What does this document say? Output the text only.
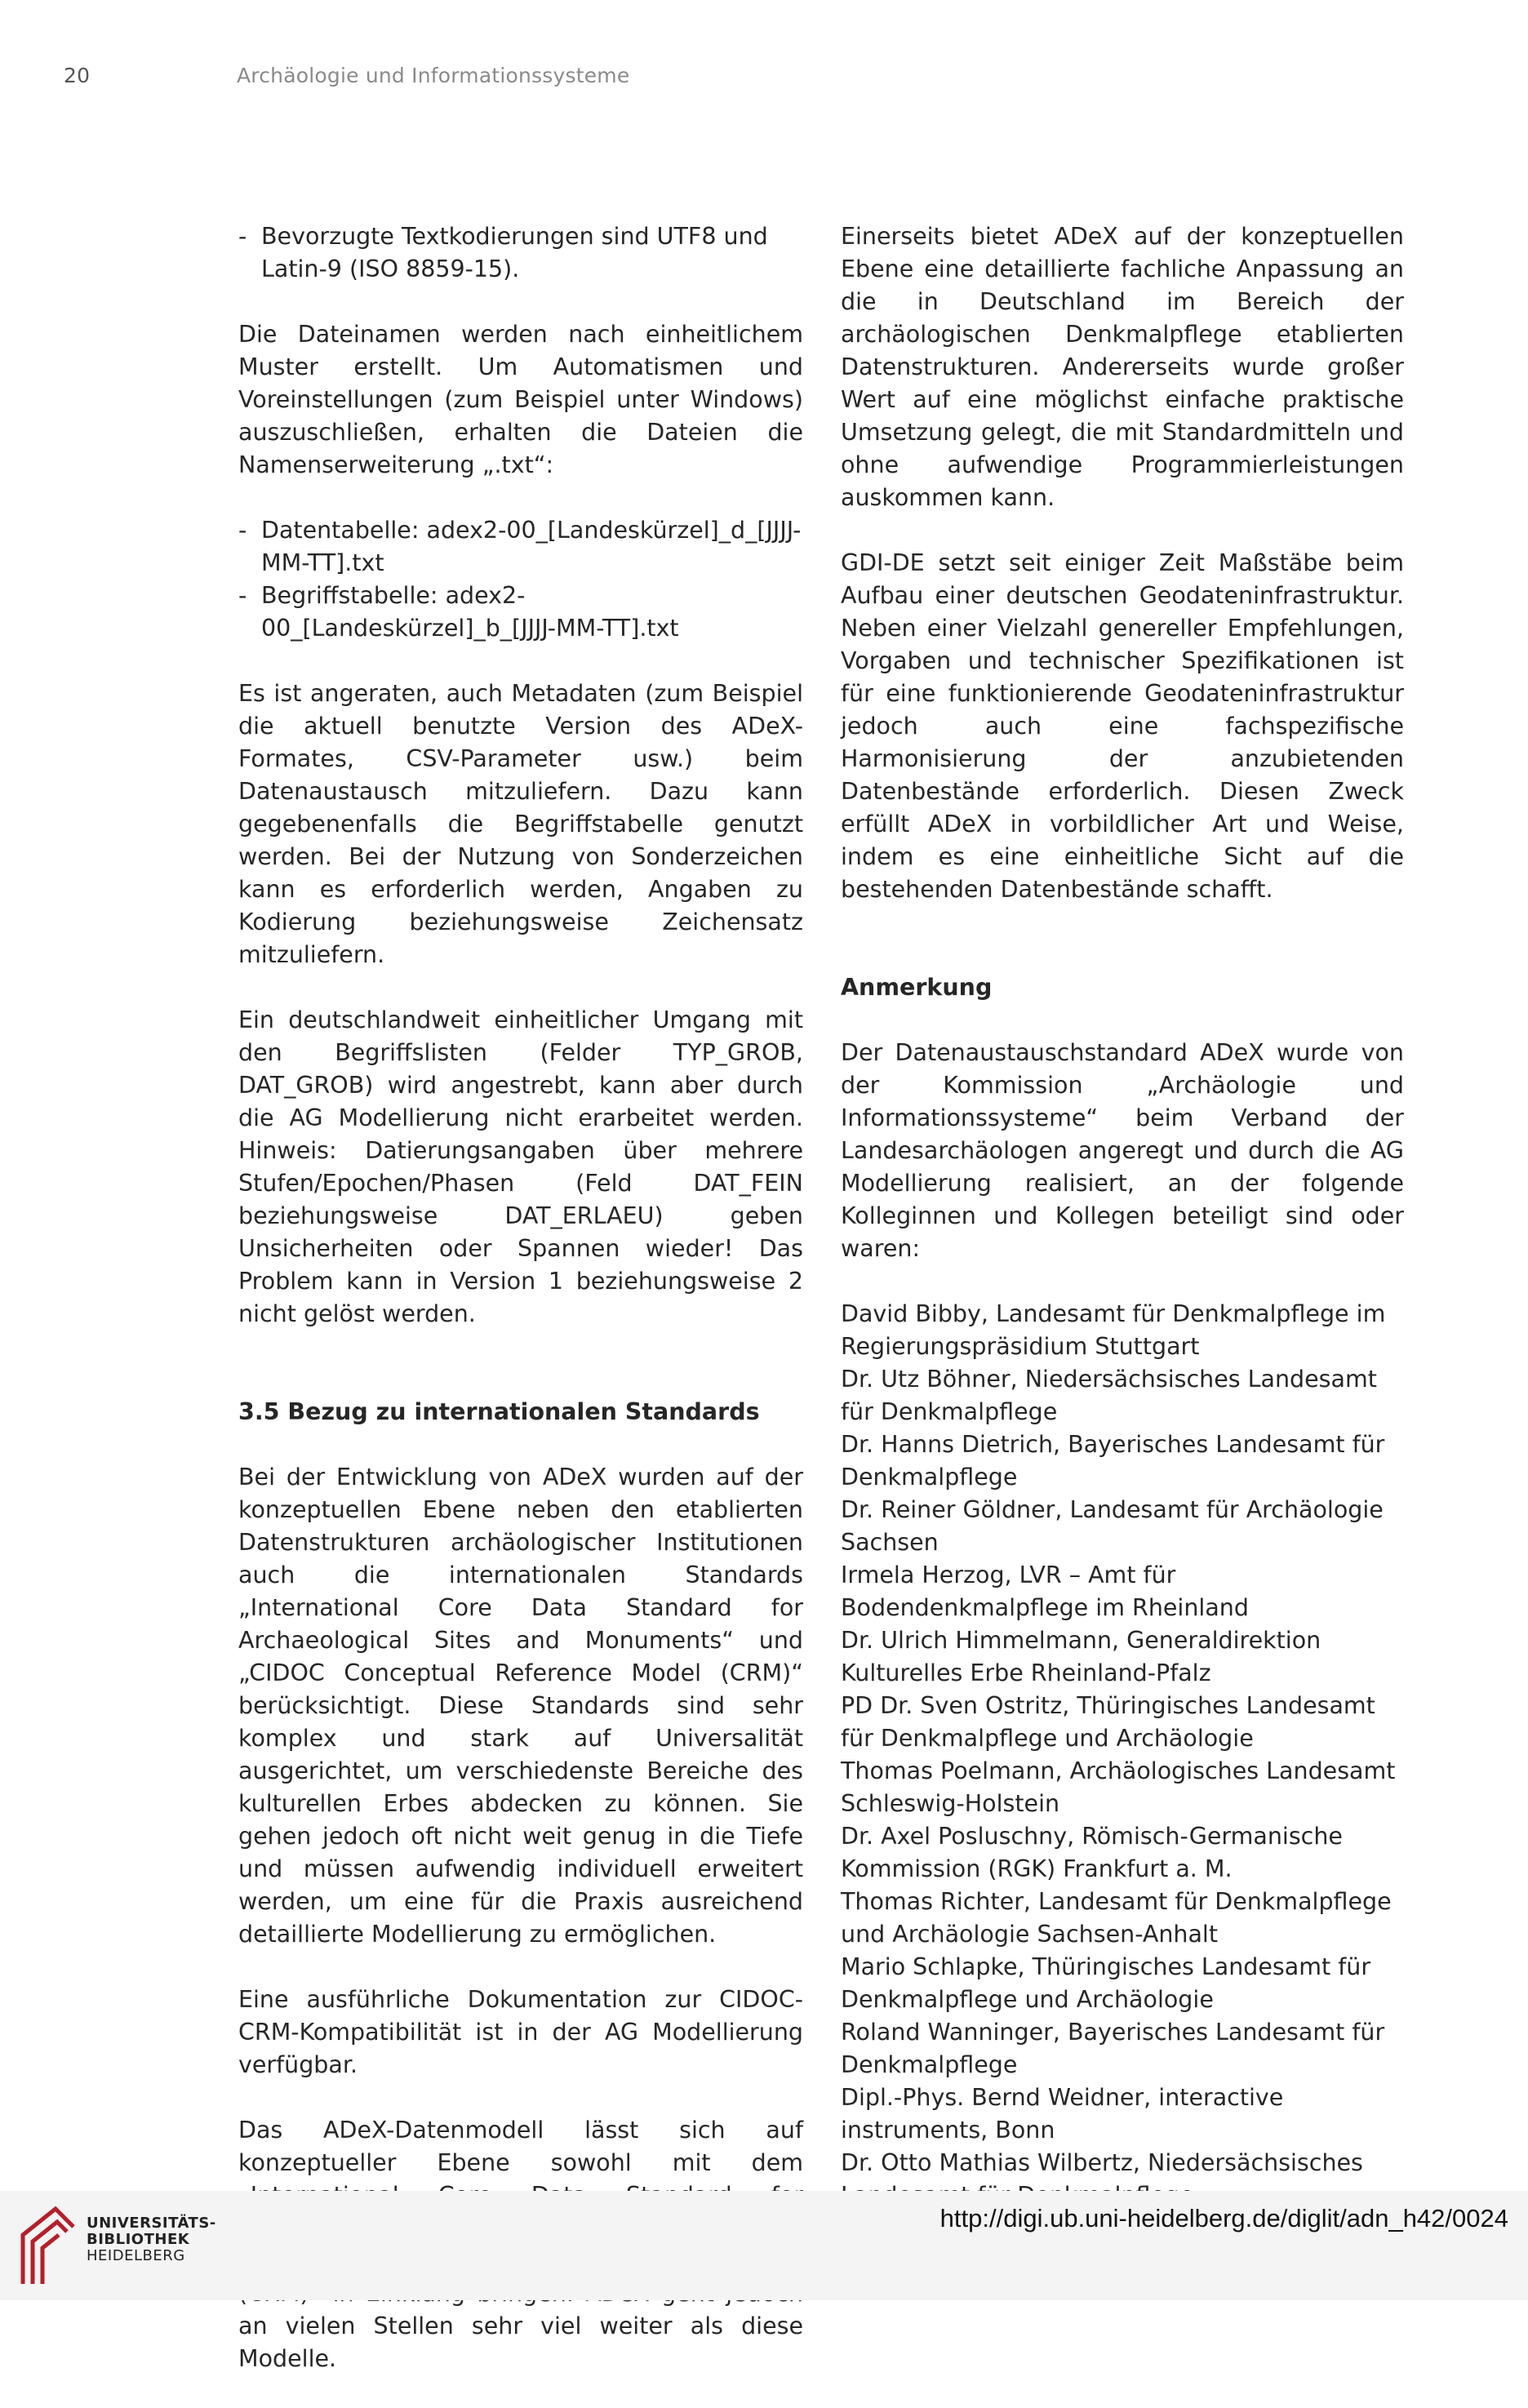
20	Archäologie und Informationssysteme
- Bevorzugte Textkodierungen sind UTF8 und Latin-9 (ISO 8859-15).

Die Dateinamen werden nach einheitlichem Muster erstellt. Um Automatismen und Voreinstellungen (zum Beispiel unter Windows) auszuschließen, erhalten die Dateien die Namenserweiterung „.txt“:

- Datentabelle: adex2-00_[Landeskürzel]_d_[JJJJ-MM-TT].txt
- Begriffstabelle: adex2-00_[Landeskürzel]_b_[JJJJ-MM-TT].txt

Es ist angeraten, auch Metadaten (zum Beispiel die aktuell benutzte Version des ADeX-Formates, CSV-Parameter usw.) beim Datenaustausch mitzuliefern. Dazu kann gegebenenfalls die Begriffstabelle genutzt werden. Bei der Nutzung von Sonderzeichen kann es erforderlich werden, Angaben zu Kodierung beziehungsweise Zeichensatz mitzuliefern.

Ein deutschlandweit einheitlicher Umgang mit den Begriffslisten (Felder TYP_GROB, DAT_GROB) wird angestrebt, kann aber durch die AG Modellierung nicht erarbeitet werden. Hinweis: Datierungsangaben über mehrere Stufen/Epochen/Phasen (Feld DAT_FEIN beziehungsweise DAT_ERLAEU) geben Unsicherheiten oder Spannen wieder! Das Problem kann in Version 1 beziehungsweise 2 nicht gelöst werden.

3.5 Bezug zu internationalen Standards

Bei der Entwicklung von ADeX wurden auf der konzeptuellen Ebene neben den etablierten Datenstrukturen archäologischer Institutionen auch die internationalen Standards „International Core Data Standard for Archaeological Sites and Monuments“ und „CIDOC Conceptual Reference Model (CRM)“ berücksichtigt. Diese Standards sind sehr komplex und stark auf Universalität ausgerichtet, um verschiedenste Bereiche des kulturellen Erbes abdecken zu können. Sie gehen jedoch oft nicht weit genug in die Tiefe und müssen aufwendig individuell erweitert werden, um eine für die Praxis ausreichend detaillierte Modellierung zu ermöglichen.

Eine ausführliche Dokumentation zur CIDOC-CRM-Kompatibilität ist in der AG Modellierung verfügbar.

Das ADeX-Datenmodell lässt sich auf konzeptueller Ebene sowohl mit dem an vielen Stellen sehr viel weiter als diese Modelle.

Einerseits bietet ADeX auf der konzeptuellen Ebene eine detaillierte fachliche Anpassung an die in Deutschland im Bereich der archäologischen Denkmalpflege etablierten Datenstrukturen. Andererseits wurde großer Wert auf eine möglichst einfache praktische Umsetzung gelegt, die mit Standardmitteln und ohne aufwendige Programmierleistungen auskommen kann.

GDI-DE setzt seit einiger Zeit Maßstäbe beim Aufbau einer deutschen Geodateninfrastruktur. Neben einer Vielzahl genereller Empfehlungen, Vorgaben und technischer Spezifikationen ist für eine funktionierende Geodateninfrastruktur jedoch auch eine fachspezifische Harmonisierung der anzubietenden Datenbestände erforderlich. Diesen Zweck erfüllt ADeX in vorbildlicher Art und Weise, indem es eine einheitliche Sicht auf die bestehenden Datenbestände schafft.

Anmerkung

Der Datenaustauschstandard ADeX wurde von der Kommission „Archäologie und Informationssysteme“ beim Verband der Landesarchäologen angeregt und durch die AG Modellierung realisiert, an der folgende Kolleginnen und Kollegen beteiligt sind oder waren:

David Bibby, Landesamt für Denkmalpflege im Regierungspräsidium Stuttgart

Dr. Utz Böhner, Niedersächsisches Landesamt für Denkmalpflege

Dr. Hanns Dietrich, Bayerisches Landesamt für Denkmalpflege

Dr. Reiner Göldner, Landesamt für Archäologie Sachsen

Irmela Herzog, LVR – Amt für Bodendenkmalpflege im Rheinland

Dr. Ulrich Himmelmann, Generaldirektion Kulturelles Erbe Rheinland-Pfalz

PD Dr. Sven Ostritz, Thüringisches Landesamt für Denkmalpflege und Archäologie

Thomas Poelmann, Archäologisches Landesamt Schleswig-Holstein

Dr. Axel Posluschny, Römisch-Germanische Kommission (RGK) Frankfurt a. M.

Thomas Richter, Landesamt für Denkmalpflege und Archäologie Sachsen-Anhalt

Mario Schlapke, Thüringisches Landesamt für Denkmalpflege und Archäologie

Roland Wanninger, Bayerisches Landesamt für Denkmalpflege

Dipl.-Phys. Bernd Weidner, interactive instruments, Bonn

Dr. Otto Mathias Wilbertz, Niedersächsisches

UNIVERSITÄTS-
BIBLIOTHEK
HEIDELBERG
http://digi.ub.uni-heidelberg.de/diglit/adn_h42/0024
